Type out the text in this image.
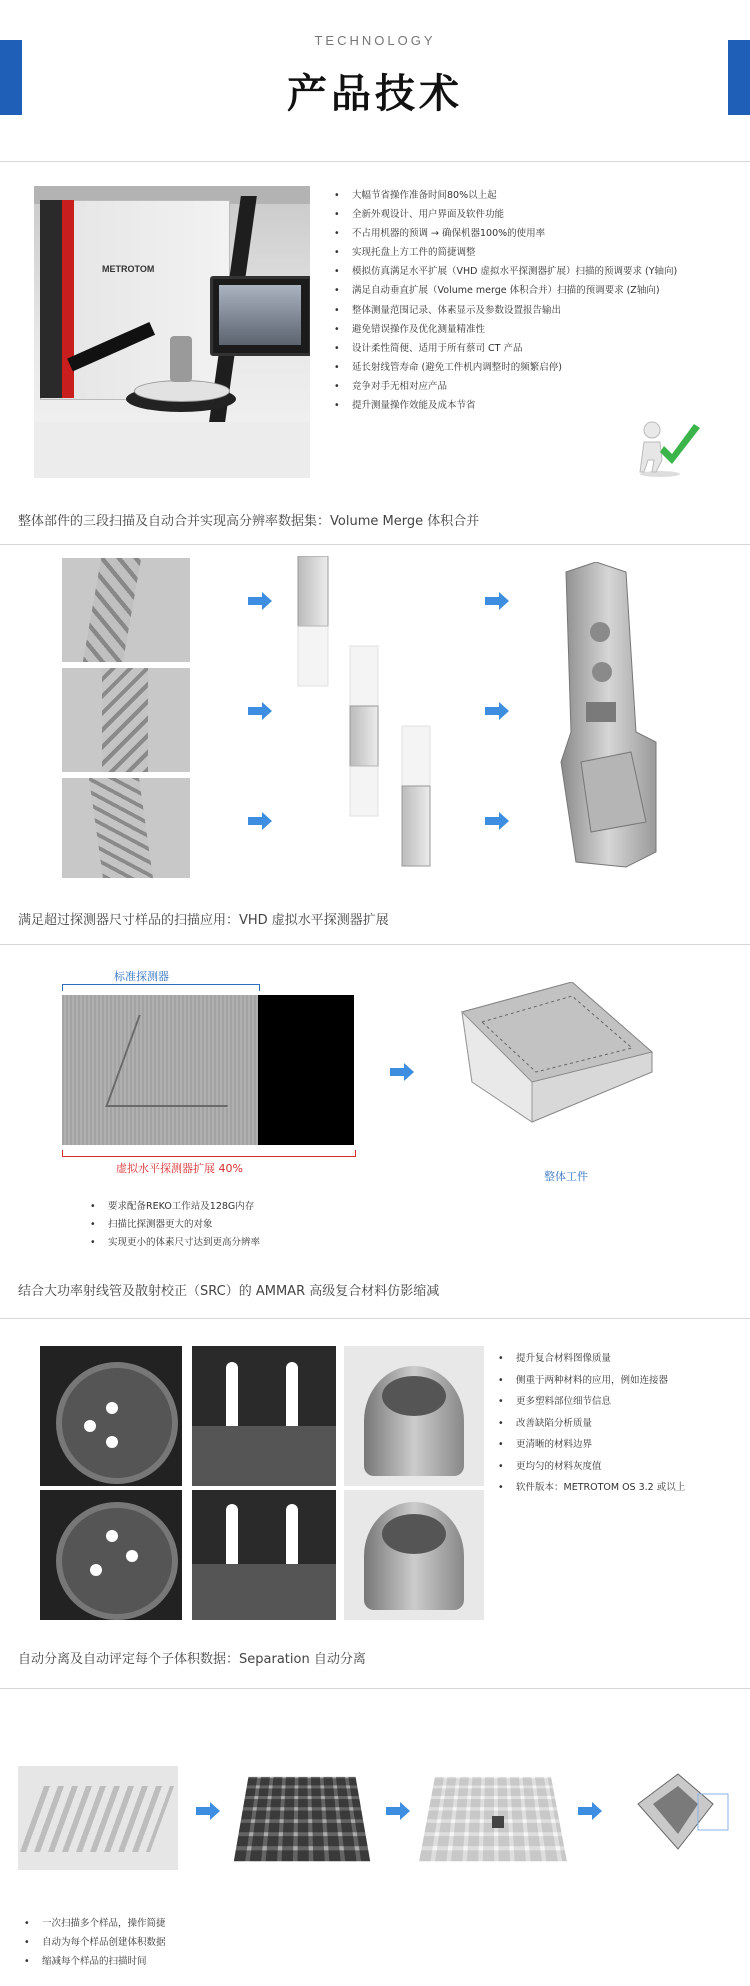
TECHNOLOGY
产品技术
METROTOM
• 大幅节省操作准备时间80%以上起
• 全新外观设计、用户界面及软件功能
• 不占用机器的预调 → 确保机器100%的使用率
• 实现托盘上方工件的简捷调整
• 模拟仿真满足水平扩展（VHD 虚拟水平探测器扩展）扫描的预调要求 (Y轴向)
• 满足自动垂直扩展（Volume merge 体积合并）扫描的预调要求 (Z轴向)
• 整体测量范围记录、体素显示及参数设置报告输出
• 避免错误操作及优化测量精准性
• 设计柔性简便、适用于所有蔡司 CT 产品
• 延长射线管寿命 (避免工件机内调整时的频繁启停)
• 竞争对手无相对应产品
• 提升测量操作效能及成本节省
整体部件的三段扫描及自动合并实现高分辨率数据集：Volume Merge 体积合并
满足超过探测器尺寸样品的扫描应用：VHD 虚拟水平探测器扩展
标准探测器
虚拟水平探测器扩展 40%
整体工件
• 要求配备REKO工作站及128G内存
• 扫描比探测器更大的对象
• 实现更小的体素尺寸达到更高分辨率
结合大功率射线管及散射校正（SRC）的 AMMAR 高级复合材料仿影缩减
• 提升复合材料图像质量
• 侧重于两种材料的应用，例如连接器
• 更多塑料部位细节信息
• 改善缺陷分析质量
• 更清晰的材料边界
• 更均匀的材料灰度值
• 软件版本：METROTOM OS 3.2 或以上
自动分离及自动评定每个子体积数据：Separation 自动分离
• 一次扫描多个样品，操作简捷
• 自动为每个样品创建体积数据
• 缩减每个样品的扫描时间
